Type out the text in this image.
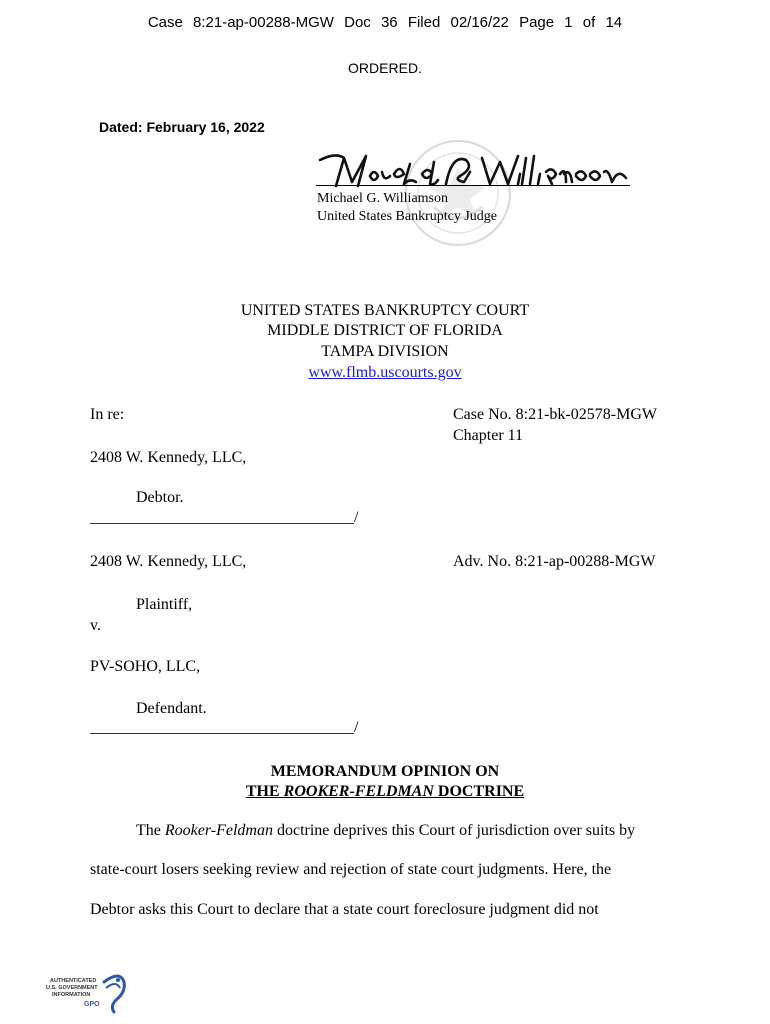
Case 8:21-ap-00288-MGW Doc 36 Filed 02/16/22 Page 1 of 14
ORDERED.
Dated: February 16, 2022
Michael G. Williamson
United States Bankruptcy Judge
UNITED STATES BANKRUPTCY COURT
MIDDLE DISTRICT OF FLORIDA
TAMPA DIVISION
www.flmb.uscourts.gov
In re:	Case No. 8:21-bk-02578-MGW
Chapter 11
2408 W. Kennedy, LLC,
Debtor.
_________________________________/
2408 W. Kennedy, LLC,	Adv. No. 8:21-ap-00288-MGW
Plaintiff,
v.
PV-SOHO, LLC,
Defendant.
_________________________________/
MEMORANDUM OPINION ON
THE ROOKER-FELDMAN DOCTRINE
The Rooker-Feldman doctrine deprives this Court of jurisdiction over suits by
state-court losers seeking review and rejection of state court judgments. Here, the
Debtor asks this Court to declare that a state court foreclosure judgment did not
AUTHENTICATED
U.S. GOVERNMENT
INFORMATION
GPO
